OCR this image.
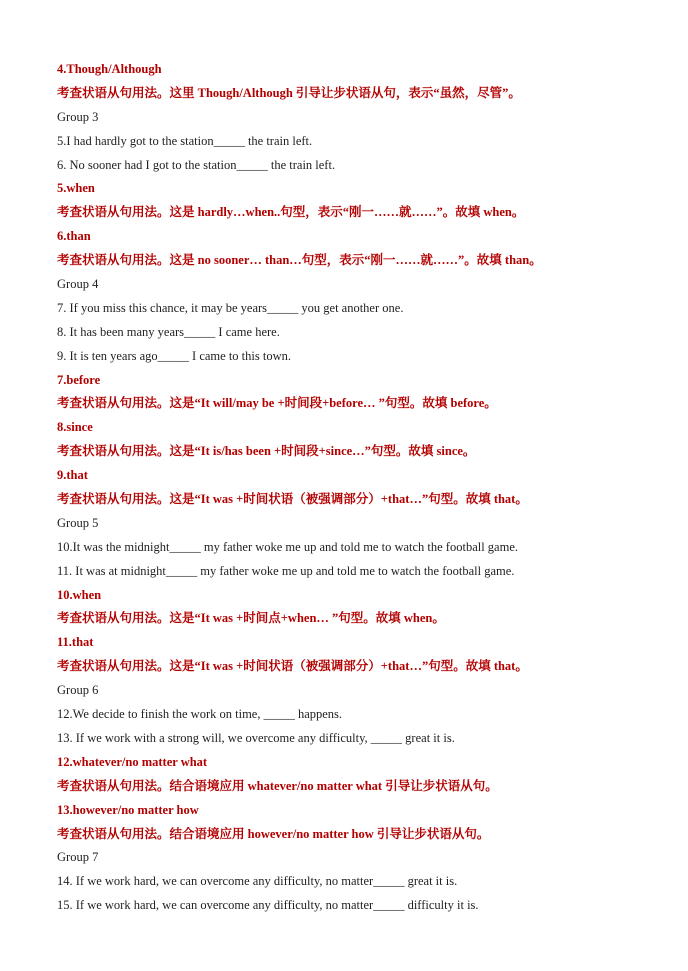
4.Though/Although
考查状语从句用法。这里 Though/Although 引导让步状语从句，表示“虽然，尽管”。
Group 3
5.I had hardly got to the station_____ the train left.
6. No sooner had I got to the station_____ the train left.
5.when
考查状语从句用法。这是 hardly…when..句型，表示“刚一……就……”。故填 when。
6.than
考查状语从句用法。这是 no sooner… than…句型，表示“刚一……就……”。故填 than。
Group 4
7. If you miss this chance, it may be years_____ you get another one.
8. It has been many years_____ I came here.
9. It is ten years ago_____ I came to this town.
7.before
考查状语从句用法。这是“It will/may be +时间段+before… ”句型。故填 before。
8.since
考查状语从句用法。这是“It is/has been +时间段+since…”句型。故填 since。
9.that
考查状语从句用法。这是“It was +时间状语（被强调部分）+that…”句型。故填 that。
Group 5
10.It was the midnight_____ my father woke me up and told me to watch the football game.
11. It was at midnight_____ my father woke me up and told me to watch the football game.
10.when
考查状语从句用法。这是“It was +时间点+when… ”句型。故填 when。
11.that
考查状语从句用法。这是“It was +时间状语（被强调部分）+that…”句型。故填 that。
Group 6
12.We decide to finish the work on time, _____ happens.
13. If we work with a strong will, we overcome any difficulty, _____ great it is.
12.whatever/no matter what
考查状语从句用法。结合语境应用 whatever/no matter what 引导让步状语从句。
13.however/no matter how
考查状语从句用法。结合语境应用 however/no matter how 引导让步状语从句。
Group 7
14. If we work hard, we can overcome any difficulty, no matter_____ great it is.
15. If we work hard, we can overcome any difficulty, no matter_____ difficulty it is.
